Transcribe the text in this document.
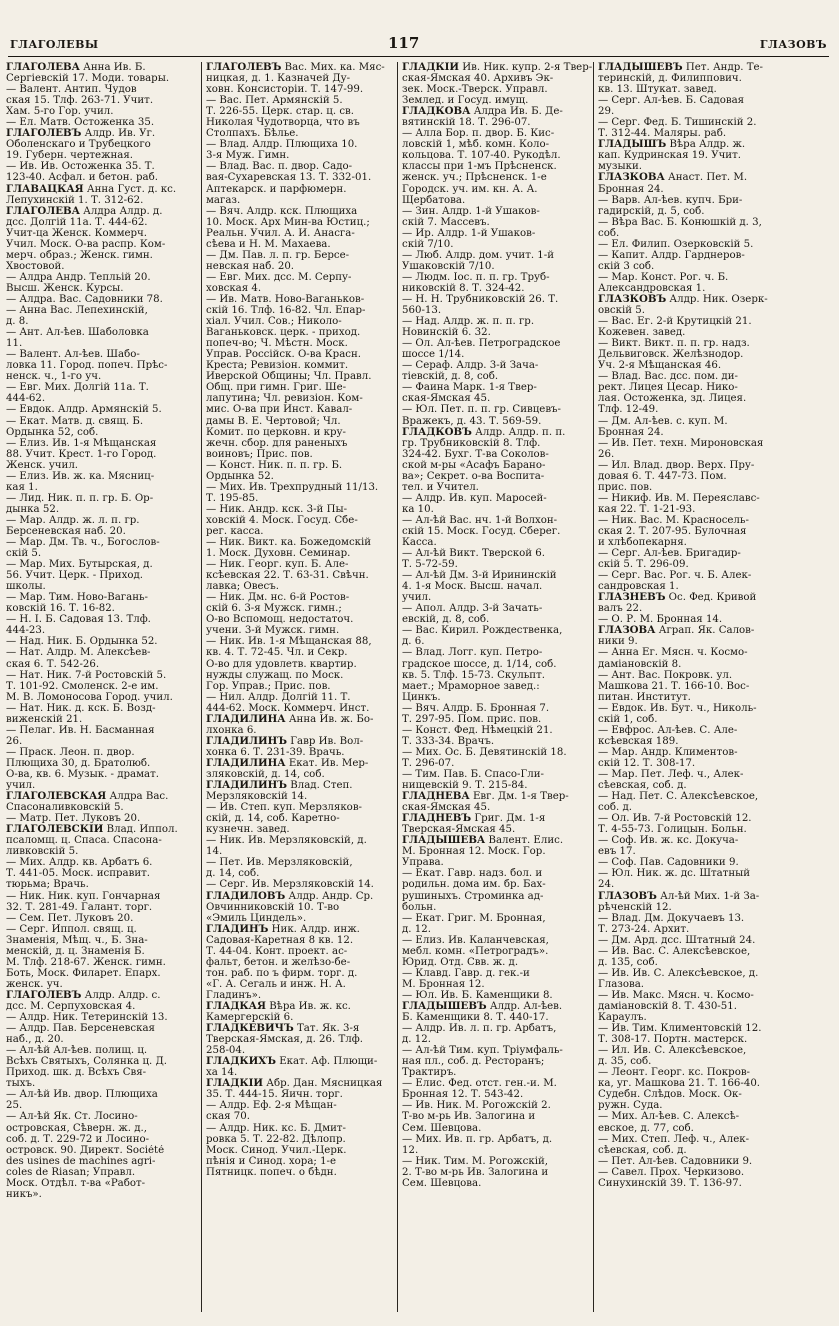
ГЛАГОЛЕВЫ	117	ГЛАЗОВЪ
ГЛАГОЛЕВА Анна Ив. Б.
Сергіевскій 17. Моди. товары.
— Валент. Антип. Чудов
ская 15. Тлф. 263-71. Учит.
Хам. 5-го Гор. учил.
— Ел. Матв. Остоженка 35.
ГЛАГОЛЕВЪ Алдр. Ив. Уг.
Оболенскаго и Трубецкого
19. Губерн. чертежная.
— Ив. Ив. Остоженка 35. Т.
123-40. Асфал. и бетон. раб.
ГЛАВАЦКАЯ Анна Густ. д. кс.
Лепухинскій 1. Т. 312-62.
ГЛАГОЛЕВА Алдра Алдр. д.
дсс. Долгій 11а. Т. 444-62.
Учит-ца Женск. Коммерч.
Учил. Моск. О-ва распр. Ком-
мерч. образ.; Женск. гимн.
Хвостовой.
— Алдра Андр. Тепльій 20.
Высш. Женск. Курсы.
— Алдра. Вас. Садовники 78.
— Анна Вас. Лепехинскій,
д. 8.
— Ант. Ал-ѣев. Шаболовка
11.
— Валент. Ал-ѣев. Шабо-
ловка 11. Город. попеч. Прѣс-
ненск. ч., 1-го уч.
— Евг. Мих. Долгій 11а. Т.
444-62.
— Евдок. Алдр. Армянскій 5.
— Екат. Матв. д. свящ. Б.
Ордынка 52, соб.
— Елиз. Ив. 1-я Мѣщанская
88. Учит. Крест. 1-го Город.
Женск. учил.
— Елиз. Ив. ж. ка. Мясниц-
кая 1.
— Лид. Ник. п. п. гр. Б. Ор-
дынка 52.
— Мар. Алдр. ж. л. п. гр.
Берсеневская наб. 20.
— Мар. Дм. Тв. ч., Богослов-
скій 5.
— Мар. Мих. Бутырская, д.
56. Учит. Церк. - Приход.
школы.
— Мар. Тим. Ново-Вагань-
ковскій 16. Т. 16-82.
— Н. І. Б. Садовая 13. Тлф.
444-23.
— Над. Ник. Б. Ордынка 52.
— Нат. Алдр. М. Алексѣев-
ская 6. Т. 542-26.
— Нат. Ник. 7-й Ростовскій 5.
Т. 101-92. Смоленск. 2-е им.
М. В. Ломоносова Город. учил.
— Нат. Ник. д. кск. Б. Возд-
виженскій 21.
— Пелаг. Ив. Н. Басманная
26.
— Праск. Леон. п. двор.
Плющиха 30, д. Братолюб.
О-ва, кв. 6. Музык. - драмат.
учил.
ГЛАГОЛЕВСКАЯ Алдра Вас.
Спасоналивковскій 5.
— Матр. Пет. Луковъ 20.
ГЛАГОЛЕВСКІЙ Влад. Иппол.
псаломщ. ц. Спаса. Спасона-
ливковскій 5.
— Мих. Алдр. кв. Арбатъ 6.
Т. 441-05. Моск. исправит.
тюрьма; Врачь.
— Ник. Ник. куп. Гончарная
32. Т. 281-49. Галант. торг.
— Сем. Пет. Луковъ 20.
— Серг. Иппол. свящ. ц.
Знаменія, Мѣщ. ч., Б. Зна-
менскій, д. ц. Знаменія Б.
М. Тлф. 218-67. Женск. гимн.
Боть, Моск. Филарет. Епарх.
женск. уч.
ГЛАГОЛЕВЪ Алдр. Алдр. с.
дсс. М. Серпуховская 4.
— Алдр. Ник. Тетеринскій 13.
— Алдр. Пав. Берсеневская
наб., д. 20.
— Ал-ѣй Ал-ѣев. полищ. ц.
Всѣхъ Святыхъ, Солянка ц. Д.
Приход. шк. д. Всѣхъ Свя-
тыхъ.
— Ал-ѣй Ив. двор. Плющиха
25.
— Ал-ѣй Як. Ст. Лосино-
островская, Сѣверн. ж. д.,
соб. д. Т. 229-72 и Лосино-
островск. 90. Директ. Société
des usines de machines agri-
coles de Riasan; Управл.
Моск. Отдѣл. т-ва «Работ-
никъ».
ГЛАГОЛЕВЪ Вас. Мих. ка. Мяс-
ницкая, д. 1. Казначей Ду-
ховн. Консисторіи. Т. 147-99.
— Вас. Пет. Армянскій 5.
Т. 226-55. Церк. стар. ц. св.
Николая Чудотворца, что въ
Столпахъ. Бѣлье.
— Влад. Алдр. Плющиха 10.
3-я Муж. Гимн.
— Влад. Вас. п. двор. Садо-
вая-Сухаревская 13. Т. 332-01.
Аптекарск. и парфюмерн.
магаз.
— Вяч. Алдр. кск. Плющиха
10. Моск. Арх Мин-ва Юстиц.;
Реальн. Учил. А. И. Анасга-
сѣева и Н. М. Махаева.
— Дм. Пав. л. п. гр. Берсе-
невская наб. 20.
— Евг. Мих. дсс. М. Серпу-
ховская 4.
— Ив. Матв. Ново-Ваганьков-
скій 16. Тлф. 16-82. Чл. Епар-
хіал. Учил. Сов.; Николо-
Ваганьковск. церк. - приход.
попеч-во; Ч. Мѣстн. Моск.
Управ. Россійск. О-ва Красн.
Креста; Ревизіон. коммит.
Иверской Общины; Чл. Правл.
Общ. при гимн. Григ. Ше-
лапутина; Чл. ревизіон. Ком-
мис. О-ва при Инст. Кавал-
дамы В. Е. Чертовой; Чл.
Комит. по церковн. и кру-
жечн. сбор. для раненыхъ
воиновъ; Прис. пов.
— Конст. Ник. п. п. гр. Б.
Ордынка 52.
— Мих. Ив. Трехпрудный 11/13.
Т. 195-85.
— Ник. Андр. кск. 3-й Пы-
ховскій 4. Моск. Госуд. Сбе-
рег. касса.
— Ник. Викт. ка. Божедомскій
1. Моск. Духовн. Семинар.
— Ник. Георг. куп. Б. Але-
ксѣевская 22. Т. 63-31. Свѣчн.
лавка; Овесъ.
— Ник. Дм. нс. 6-й Ростов-
скій 6. 3-я Мужск. гимн.;
О-во Вспомощ. недостаточ.
учени. 3-й Мужск. гимн.
— Ник. Ив. 1-я Мѣщанская 88,
кв. 4. Т. 72-45. Чл. и Секр.
О-во для удовлетв. квартир.
нужды служащ. по Моск.
Гор. Управ.; Прис. пов.
— Нил. Алдр. Долгій 11. Т.
444-62. Моск. Коммерч. Инст.
ГЛАДИЛИНА Анна Ив. ж. Бо-
лхонка 6.
ГЛАДИЛИНЪ Гавр Ив. Вол-
хонка 6. Т. 231-39. Врачь.
ГЛАДИЛИНА Екат. Ив. Мер-
зляковскій, д. 14, соб.
ГЛАДИЛИНЪ Влад. Степ.
Мерзляковскій 14.
— Ив. Степ. куп. Мерзляков-
скій, д. 14, соб. Каретно-
кузнечн. завед.
— Ник. Ив. Мерзляковскій, д.
14.
— Пет. Ив. Мерзляковскій,
д. 14, соб.
— Серг. Ив. Мерзляковскій 14.
ГЛАДИЛОВЪ Алдр. Андр. Ср.
Овчинниковскій 10. Т-во
«Эмиль Циндель».
ГЛАДИНЪ Ник. Алдр. инж.
Садовая-Каретная 8 кв. 12.
Т. 44-04. Конт. проект. ас-
фальт, бетон. и желѣзо-бе-
тон. раб. по ъ фирм. торг. д.
«Г. А. Сегаль и инж. Н. А.
Гладинъ».
ГЛАДКАЯ Вѣра Ив. ж. кс.
Камергерскій 6.
ГЛАДКЕВИЧЪ Тат. Як. 3-я
Тверская-Ямская, д. 26. Тлф.
258-04.
ГЛАДКИХЪ Екат. Аф. Плющи-
ха 14.
ГЛАДКІЙ Абр. Дан. Мясницкая
35. Т. 444-15. Яичн. торг.
— Алдр. Еф. 2-я Мѣщан-
ская 70.
— Алдр. Ник. кс. Б. Дмит-
ровка 5. Т. 22-82. Дѣлопр.
Моск. Синод. Учил.-Церк.
пѣнія и Синод. хора; 1-е
Пятницк. попеч. о бѣдн.
ГЛАДКІЙ Ив. Ник. купр. 2-я Твер-
ская-Ямская 40. Архивъ Эк-
зек. Моск.-Тверск. Управл.
Землед. и Госуд. имущ.
ГЛАДКОВА Алдра Ив. Б. Де-
вятинскій 18. Т. 296-07.
— Алла Бор. п. двор. Б. Кис-
ловскій 1, мѣб. комн. Коло-
кольцова. Т. 107-40. Рукодѣл.
классы при 1-мъ Прѣсненск.
женск. уч.; Прѣсненск. 1-е
Городск. уч. им. кн. А. А.
Щербатова.
— Зин. Алдр. 1-й Ушаков-
скій 7. Массевъ.
— Ир. Алдр. 1-й Ушаков-
скій 7/10.
— Люб. Алдр. дом. учит. 1-й
Ушаковскій 7/10.
— Людм. Іос. п. п. гр. Труб-
никовскій 8. Т. 324-42.
— Н. Н. Трубниковскій 26. Т.
560-13.
— Над. Алдр. ж. п. п. гр.
Новинскій 6. 32.
— Ол. Ал-ѣев. Петроградское
шоссе 1/14.
— Сераф. Алдр. 3-й Зача-
тіевскій, д. 8, соб.
— Фаина Марк. 1-я Твер-
ская-Ямская 45.
— Юл. Пет. п. п. гр. Сивцевъ-
Вражекъ, д. 43. Т. 569-59.
ГЛАДКОВЪ Алдр. Алдр. п. п.
гр. Трубниковскій 8. Тлф.
324-42. Бухг. Т-ва Соколов-
ской м-ры «Асафъ Барано-
ва»; Секрет. о-ва Воспита-
тел. и Учител.
— Алдр. Ив. куп. Маросей-
ка 10.
— Ал-ѣй Вас. нч. 1-й Волхон-
скій 15. Моск. Госуд. Сберег.
Касса.
— Ал-ѣй Викт. Тверской 6.
Т. 5-72-59.
— Ал-ѣй Дм. 3-й Ирининскій
4. 1-я Моск. Высш. начал.
учил.
— Апол. Алдр. 3-й Зачать-
евскій, д. 8, соб.
— Вас. Кирил. Рождественка,
д. 6.
— Влад. Логг. куп. Петро-
градское шоссе, д. 1/14, соб.
кв. 5. Тлф. 15-73. Скульпт.
мает.; Мраморное завед.:
Цинкъ.
— Вяч. Алдр. Б. Бронная 7.
Т. 297-95. Пом. прис. пов.
— Конст. Фед. Нѣмецкій 21.
Т. 333-34. Врачъ.
— Мих. Ос. Б. Девятинскій 18.
Т. 296-07.
— Тим. Пав. Б. Спасо-Гли-
нищевскій 9. Т. 215-84.
ГЛАДНЕВА Евг. Дм. 1-я Твер-
ская-Ямская 45.
ГЛАДНЕВЪ Григ. Дм. 1-я
Тверская-Ямская 45.
ГЛАДЫШЕВА Валент. Елис.
М. Бронная 12. Моск. Гор.
Управа.
— Екат. Гавр. надз. бол. и
родильн. дома им. бр. Бах-
рушиныхъ. Строминка ад-
больн.
— Екат. Григ. М. Бронная,
д. 12.
— Елиз. Ив. Каланчевская,
мебл. комн. «Петроградъ».
Юрид. Отд. Свв. ж. д.
— Клавд. Гавр. д. гек.-и
М. Бронная 12.
— Юл. Ив. Б. Каменщики 8.
ГЛАДЫШЕВЪ Алдр. Ал-ѣев.
Б. Каменщики 8. Т. 440-17.
— Алдр. Ив. л. п. гр. Арбатъ,
д. 12.
— Ал-ѣй Тим. куп. Тріумфаль-
ная пл., соб. д. Ресторанъ;
Трактиръ.
— Елис. Фед. отст. ген.-и. М.
Бронная 12. Т. 543-42.
— Ив. Ник. М. Рогожскій 2.
Т-во м-рь Ив. Залогина и
Сем. Шевцова.
— Мих. Ив. п. гр. Арбатъ, д.
12.
— Ник. Тим. М. Рогожскій,
2. Т-во м-рь Ив. Залогина и
Сем. Шевцова.
ГЛАДЫШЕВЪ Пет. Андр. Те-
теринскій, д. Филиппович.
кв. 13. Штукат. завед.
— Серг. Ал-ѣев. Б. Садовая
29.
— Серг. Фед. Б. Тишинскій 2.
Т. 312-44. Маляры. раб.
ГЛАДЫШЪ Вѣра Алдр. ж.
кап. Кудринская 19. Учит.
музыки.
ГЛАЗКОВА Анаст. Пет. М.
Бронная 24.
— Варв. Ал-ѣев. купч. Бри-
гадирскій, д. 5, соб.
— Вѣра Вас. Б. Конюшкій д. 3,
соб.
— Ел. Филип. Озерковскій 5.
— Капит. Алдр. Гарднеров-
скій 3 соб.
— Мар. Конст. Рог. ч. Б.
Александровская 1.
ГЛАЗКОВЪ Алдр. Ник. Озерк-
овскій 5.
— Вас. Ег. 2-й Крутицкій 21.
Кожевен. завед.
— Викт. Викт. п. п. гр. надз.
Дельвиговск. Желѣзнодор.
Уч. 2-я Мѣщанская 46.
— Влад. Вас. дсс. пом. ди-
рект. Лицея Цесар. Нико-
лая. Остоженка, зд. Лицея.
Тлф. 12-49.
— Дм. Ал-ѣев. с. куп. М.
Бронная 24.
— Ив. Пет. техн. Мироновская
26.
— Ил. Влад. двор. Верх. Пру-
довая 6. Т. 447-73. Пом.
прис. пов.
— Никиф. Ив. М. Переяславс-
кая 22. Т. 1-21-93.
— Ник. Вас. М. Красносель-
ская 2. Т. 207-95. Булочная
и хлѣбопекарня.
— Серг. Ал-ѣев. Бригадир-
скій 5. Т. 296-09.
— Серг. Вас. Рог. ч. Б. Алек-
сандровская 1.
ГЛАЗНЕВЪ Ос. Фед. Кривой
валъ 22.
— О. Р. М. Бронная 14.
ГЛАЗОВА Аграп. Як. Салов-
ники 9.
— Анна Ег. Мясн. ч. Космо-
даміановскій 8.
— Ант. Вас. Покровк. ул.
Машкова 21. Т. 166-10. Вос-
питан. Институт.
— Евдок. Ив. Бут. ч., Николь-
скій 1, соб.
— Евфрос. Ал-ѣев. С. Але-
ксѣевская 189.
— Мар. Андр. Климентов-
скій 12. Т. 308-17.
— Мар. Пет. Леф. ч., Алек-
сѣевская, соб. д.
— Над. Пет. С. Алексѣевское,
соб. д.
— Ол. Ив. 7-й Ростовскій 12.
Т. 4-55-73. Голицын. Больн.
— Соф. Ив. ж. кс. Докуча-
евъ 17.
— Соф. Пав. Садовники 9.
— Юл. Ник. ж. дс. Штатный
24.
ГЛАЗОВЪ Ал-ѣй Мих. 1-й За-
рѣченскій 12.
— Влад. Дм. Докучаевъ 13.
Т. 273-24. Архит.
— Дм. Ард. дсс. Штатный 24.
— Ив. Вас. С. Алексѣевское,
д. 135, соб.
— Ив. Ив. С. Алексѣевское, д.
Глазова.
— Ив. Макс. Мясн. ч. Космо-
даміановскій 8. Т. 430-51.
Караулъ.
— Ив. Тим. Климентовскій 12.
Т. 308-17. Портн. мастерск.
— Ил. Ив. С. Алексѣевское,
д. 35, соб.
— Леонт. Георг. кс. Покров-
ка, уг. Машкова 21. Т. 166-40.
Судебн. Слѣдов. Моск. Ок-
ружн. Суда.
— Мих. Ал-ѣев. С. Алексѣ-
евское, д. 77, соб.
— Мих. Степ. Леф. ч., Алек-
сѣевская, соб. д.
— Пет. Ал-ѣев. Садовники 9.
— Савел. Прох. Черкизово.
Синухинскій 39. Т. 136-97.
